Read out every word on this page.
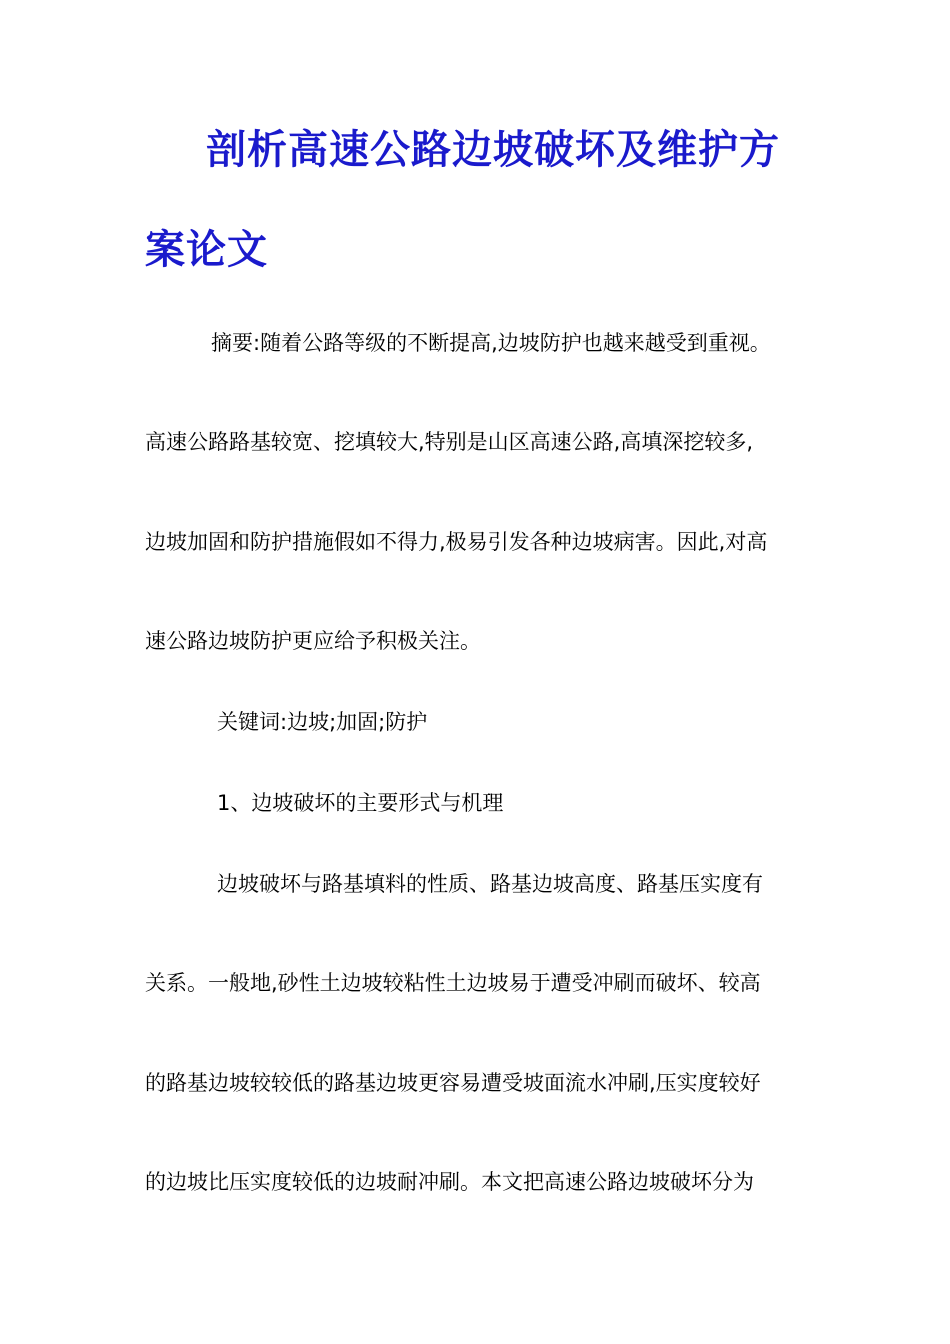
剖析高速公路边坡破坏及维护方
案论文
摘要:随着公路等级的不断提高,边坡防护也越来越受到重视。
高速公路路基较宽、挖填较大,特别是山区高速公路,高填深挖较多,
边坡加固和防护措施假如不得力,极易引发各种边坡病害。因此,对高
速公路边坡防护更应给予积极关注。
关键词:边坡;加固;防护
1、边坡破坏的主要形式与机理
边坡破坏与路基填料的性质、路基边坡高度、路基压实度有
关系。一般地,砂性土边坡较粘性土边坡易于遭受冲刷而破坏、较高
的路基边坡较较低的路基边坡更容易遭受坡面流水冲刷,压实度较好
的边坡比压实度较低的边坡耐冲刷。本文把高速公路边坡破坏分为
